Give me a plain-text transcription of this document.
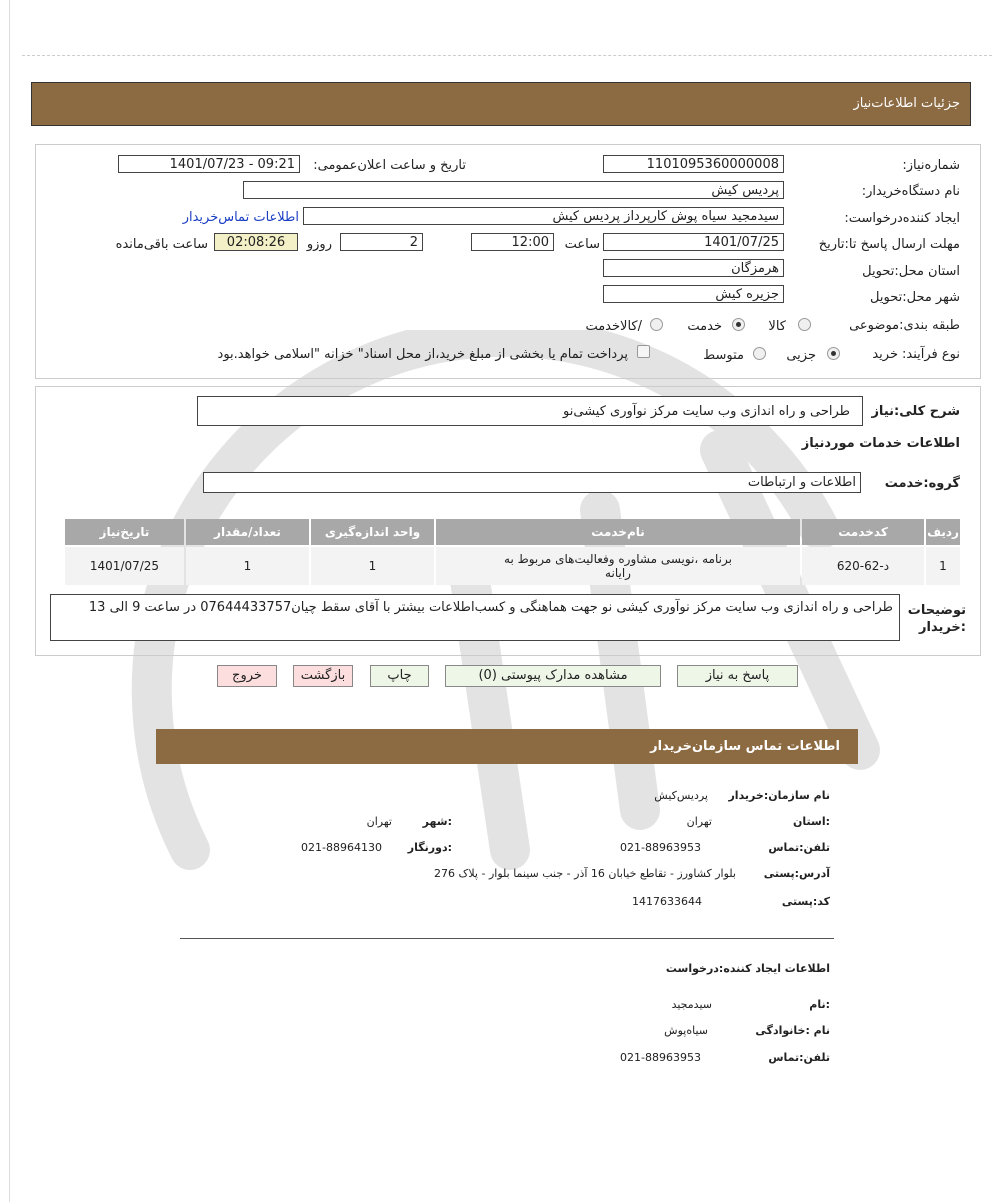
جزئیات اطلاعات‌نیاز
شماره‌نیاز:
1101095360000008
تاریخ و ساعت اعلان‌عمومی:
1401/07/23 - 09:21
نام دستگاه‌خریدار:
پردیس کیش
ایجاد کننده‌درخواست:
سیدمجید سیاه پوش کارپرداز پردیس کیش
اطلاعات تماس‌خریدار
مهلت ارسال پاسخ تا:تاریخ
1401/07/25
ساعت
12:00
2
روزو
02:08:26
ساعت باقی‌مانده
استان محل:تحویل
هرمزگان
شهر محل:تحویل
جزیره کیش
طبقه بندی:موضوعی
کالا
خدمت
/کالاخدمت
نوع فرآیند:
خرید
جزیی
متوسط
پرداخت تمام یا بخشی از مبلغ خرید،از محل اسناد" خزانه "اسلامی خواهد.بود
شرح کلی:نیاز
طراحی و راه اندازی وب سایت مرکز نوآوری کیشی‌نو
اطلاعات خدمات موردنیاز
گروه:خدمت
اطلاعات و ارتباطات
ردیف	کدخدمت	نام‌خدمت	واحد اندازه‌گیری	تعداد/مقدار	تاریخ‌نیاز
1	د-62-620	برنامه ،نویسی مشاوره وفعالیت‌های مربوط به رایانه	1	1	1401/07/25
توضیحات :خریدار
طراحی و راه اندازی وب سایت مرکز نوآوری کیشی نو جهت هماهنگی و کسب‌اطلاعات بیشتر با آقای سقط چیان07644433757 در ساعت 9 الی 13
پاسخ به نیاز
مشاهده مدارک پیوستی (0)
چاپ
بازگشت
خروج
اطلاعات تماس سازمان‌خریدار
نام سازمان:خریدار
پردیس‌کیش
:استان
تهران
:شهر
تهران
تلفن:تماس
021-88963953
:دورنگار
021-88964130
آدرس:پستی
بلوار کشاورز - تقاطع خیابان 16 آذر - جنب سینما بلوار - پلاک 276
کد:پستی
1417633644
اطلاعات ایجاد کننده:درخواست
:نام
سیدمجید
نام :خانوادگی
سیاه‌پوش
تلفن:تماس
021-88963953
